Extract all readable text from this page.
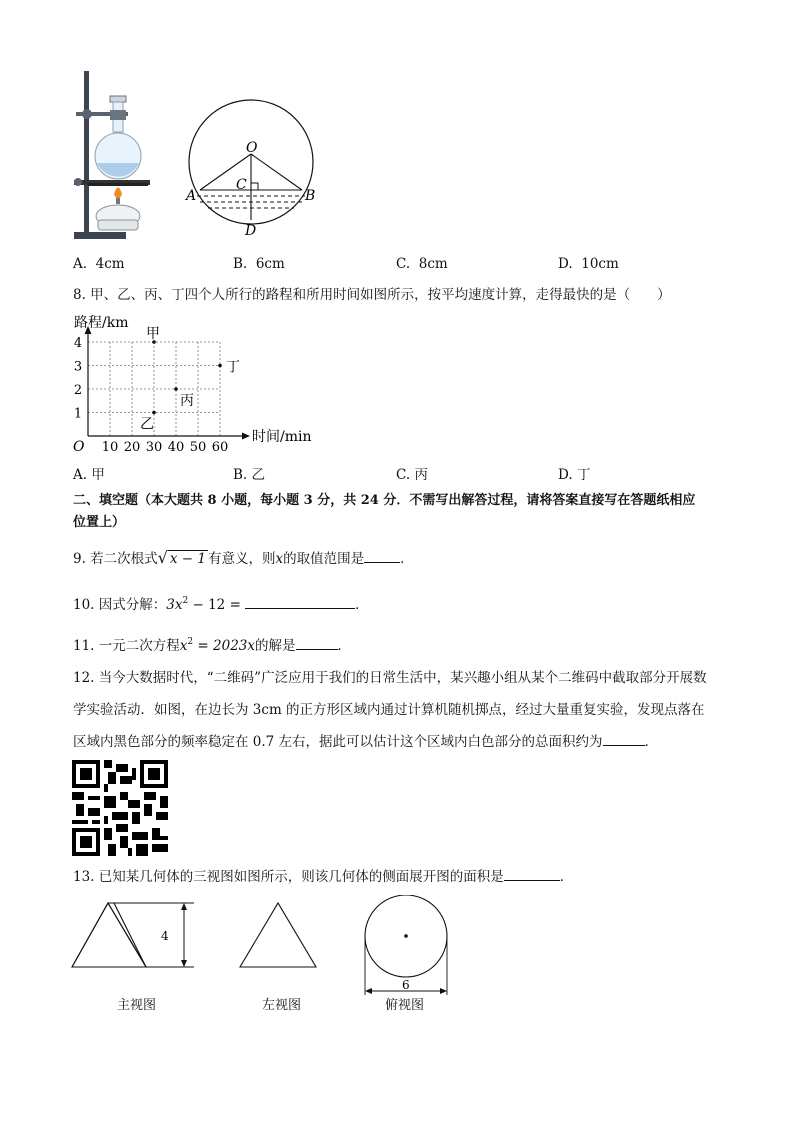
O
C
A	B
D
A. 4cm	B. 6cm	C. 8cm	D. 10cm
8. 甲、乙、丙、丁四个人所行的路程和所用时间如图所示，按平均速度计算，走得最快的是（　　）
路程/km
时间/min
O 10 20 30 40 50 60
1
2
3
4
甲
乙
丙
丁
A. 甲	B. 乙	C. 丙	D. 丁
二、填空题（本大题共 8 小题，每小题 3 分，共 24 分．不需写出解答过程，请将答案直接写在答题纸相应
位置上）
9. 若二次根式√ x − 1 有意义，则x的取值范围是	．
10. 因式分解：$3x^2 - 12$ =	．
11. 一元二次方程$x^2 = 2023x$的解是	．
12. 当今大数据时代，“二维码”广泛应用于我们的日常生活中，某兴趣小组从某个二维码中截取部分开展数
学实验活动．如图，在边长为 3cm 的正方形区域内通过计算机随机掷点，经过大量重复实验，发现点落在
区域内黑色部分的频率稳定在 0.7 左右，据此可以估计这个区域内白色部分的总面积约为	．
13. 已知某几何体的三视图如图所示，则该几何体的侧面展开图的面积是	．
4
6
主视图	左视图	俯视图
